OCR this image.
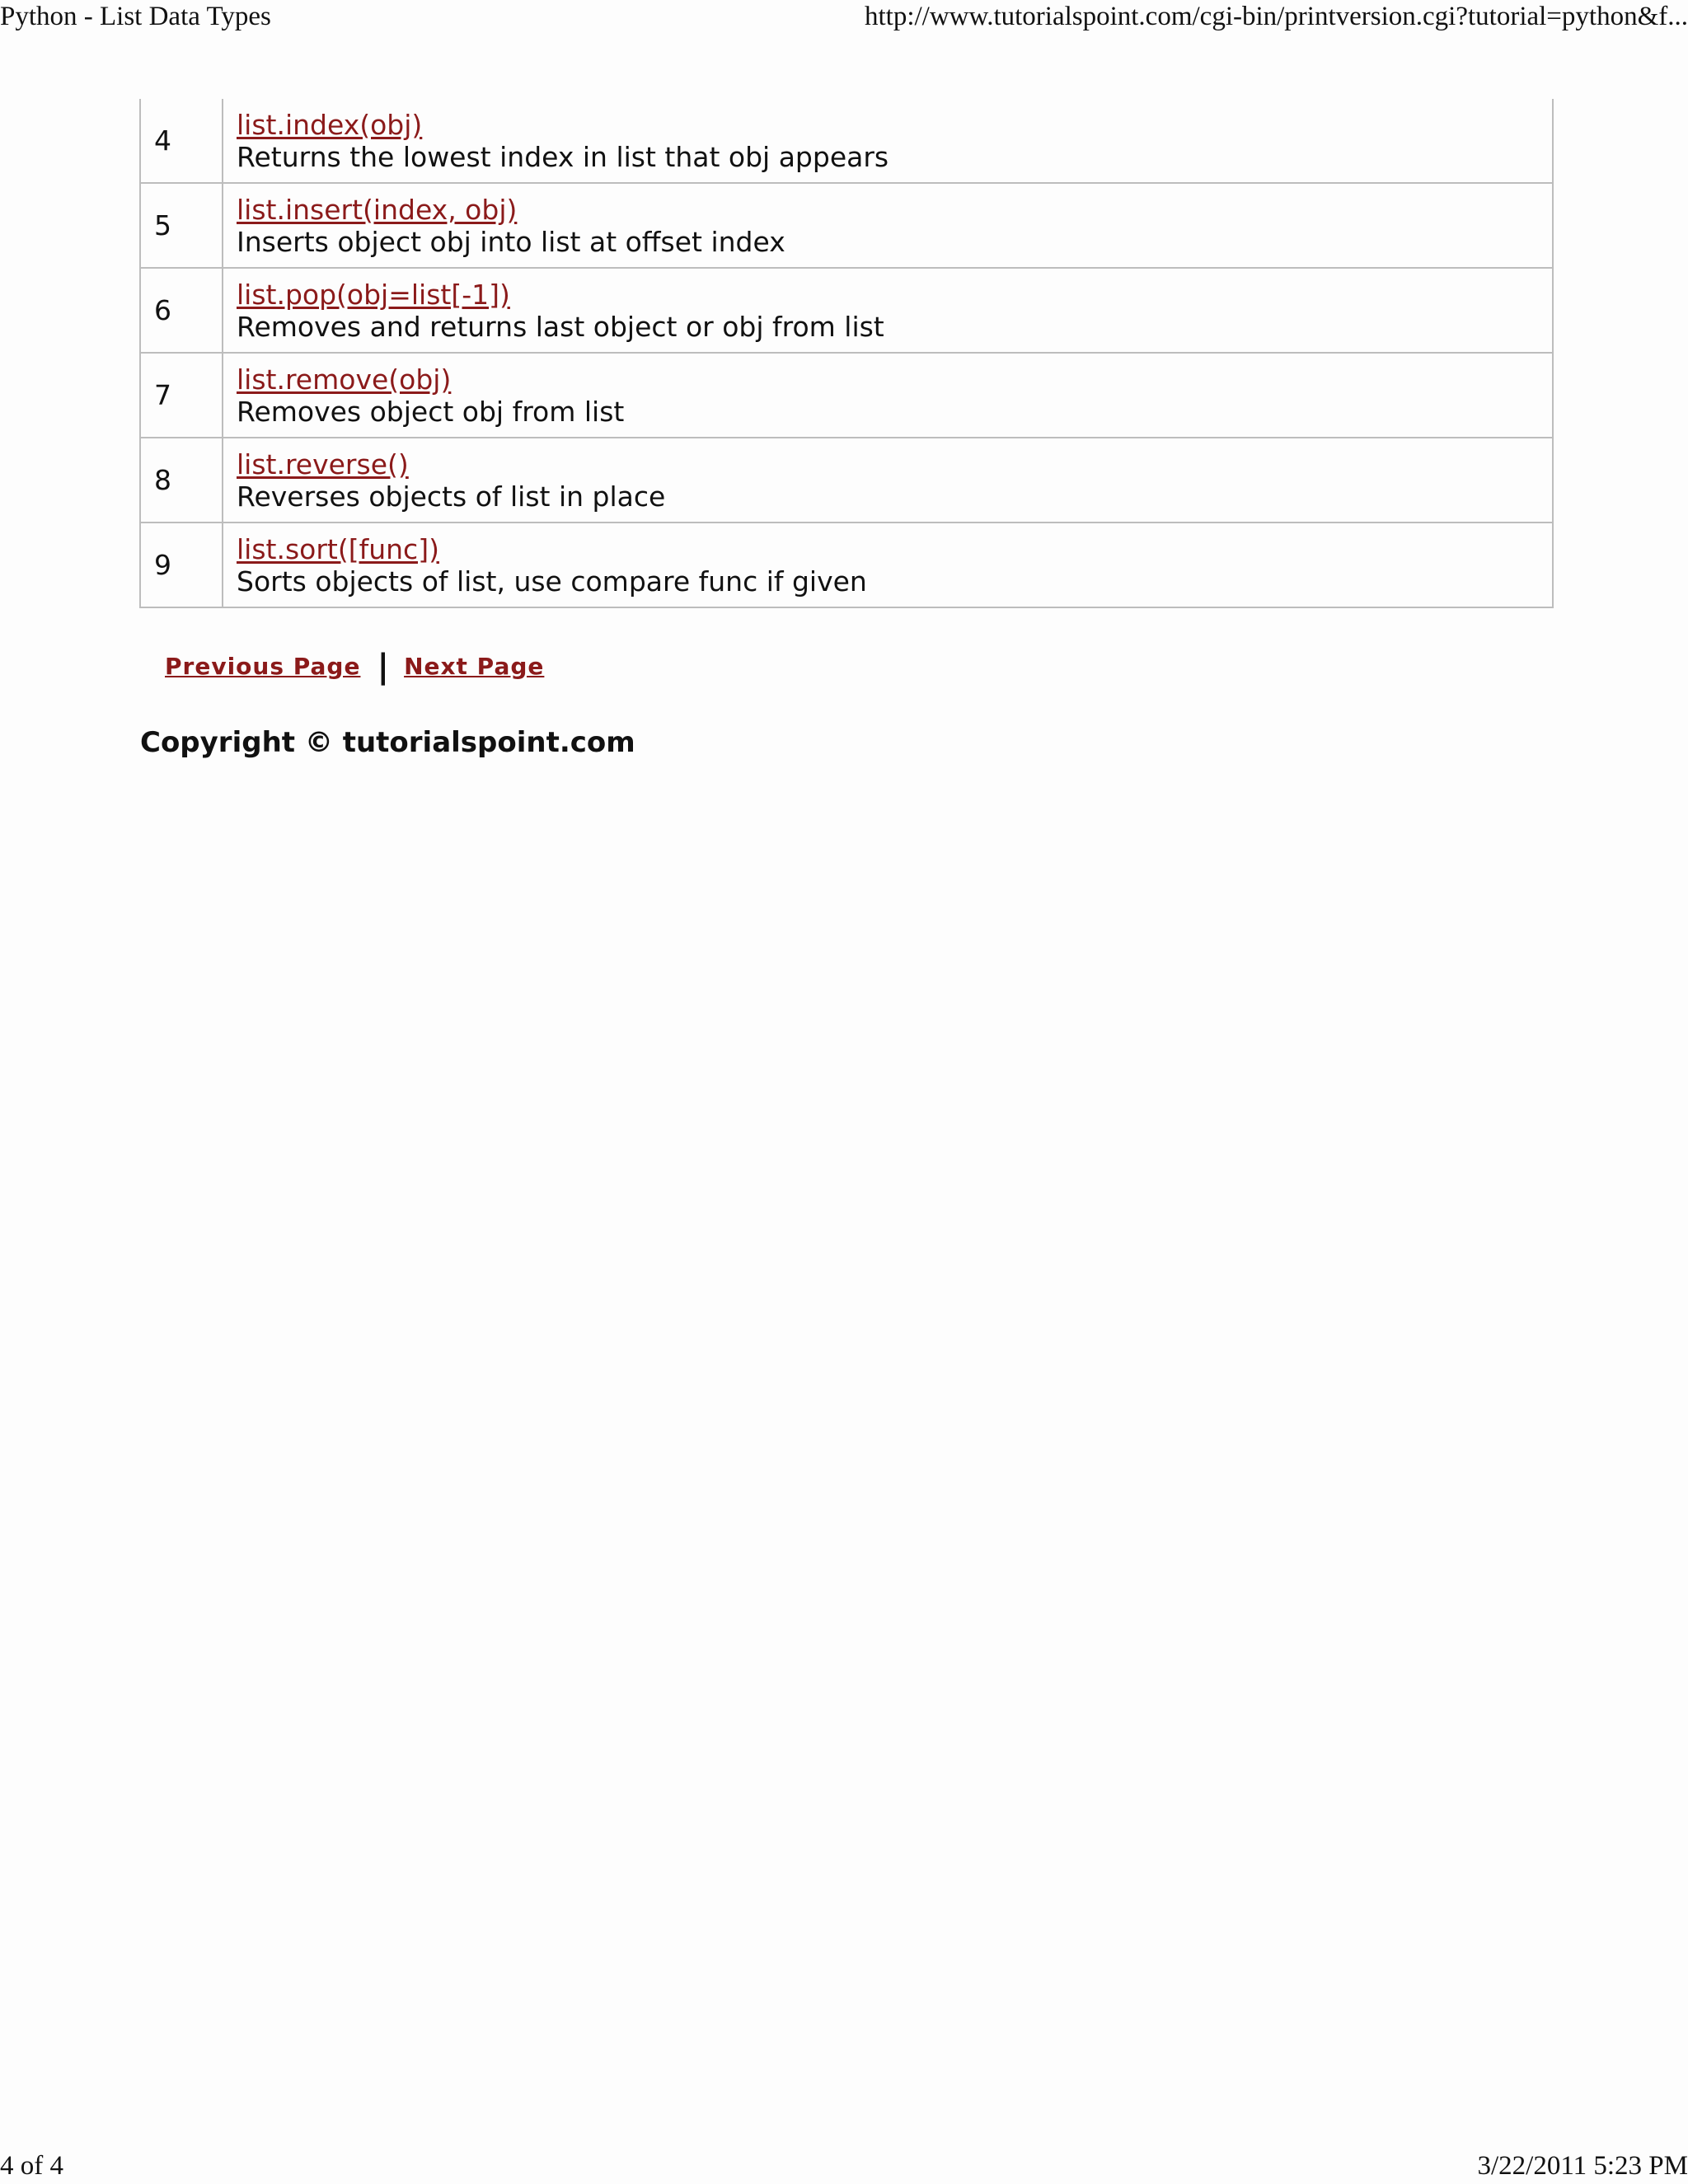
Python - List Data Types	http://www.tutorialspoint.com/cgi-bin/printversion.cgi?tutorial=python&f...
4	list.index(obj)
Returns the lowest index in list that obj appears

5	list.insert(index, obj)
Inserts object obj into list at offset index

6	list.pop(obj=list[-1])
Removes and returns last object or obj from list

7	list.remove(obj)
Removes object obj from list

8	list.reverse()
Reverses objects of list in place

9	list.sort([func])
Sorts objects of list, use compare func if given
Previous Page | Next Page
Copyright © tutorialspoint.com
4 of 4	3/22/2011 5:23 PM
